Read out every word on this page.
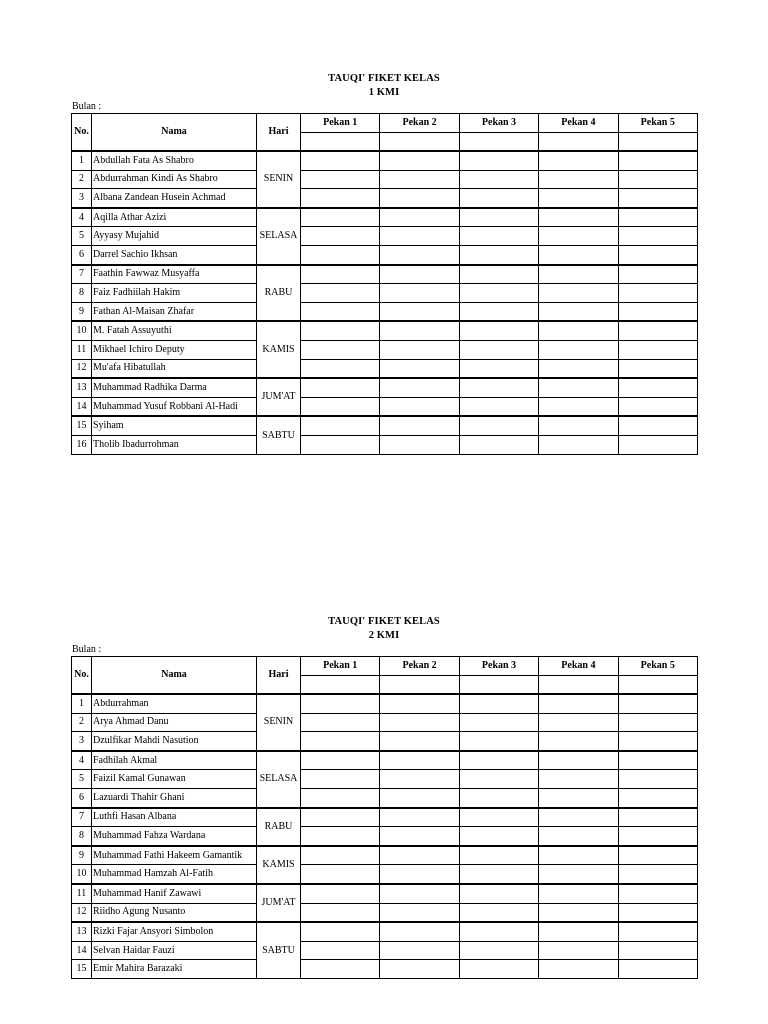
TAUQI' FIKET KELAS

1 KMI

Bulan :
No.	Nama	Hari	Pekan 1	Pekan 2	Pekan 3	Pekan 4	Pekan 5

1	Abdullah Fata As Shabro	SENIN					
2	Abdurrahman Kindi As Shabro						
3	Albana Zandean Husein Achmad						
4	Aqilla Athar Azizi	SELASA					
5	Ayyasy Mujahid						
6	Darrel Sachio Ikhsan						
7	Faathin Fawwaz Musyaffa	RABU					
8	Faiz Fadhiilah Hakim						
9	Fathan Al-Maisan Zhafar						
10	M. Fatah Assuyuthi	KAMIS					
11	Mikhael Ichiro Deputy						
12	Mu'afa Hibatullah						
13	Muhammad Radhika Darma	JUM'AT					
14	Muhammad Yusuf Robbani Al-Hadi						
15	Syiham	SABTU					
16	Tholib Ibadurrohman						

TAUQI' FIKET KELAS

2 KMI

Bulan :
No.	Nama	Hari	Pekan 1	Pekan 2	Pekan 3	Pekan 4	Pekan 5

1	Abdurrahman	SENIN					
2	Arya Ahmad Danu						
3	Dzulfikar Mahdi Nasution						
4	Fadhilah Akmal	SELASA					
5	Faizil Kamal Gunawan						
6	Lazuardi Thahir Ghani						
7	Luthfi Hasan Albana	RABU					
8	Muhammad Fahza Wardana						
9	Muhammad Fathi Hakeem Gamantik	KAMIS					
10	Muhammad Hamzah Al-Fatih						
11	Muhammad Hanif Zawawi	JUM'AT					
12	Riidho Agung Nusanto						
13	Rizki Fajar Ansyori Simbolon	SABTU					
14	Selvan Haidar Fauzi						
15	Emir Mahira Barazaki						
